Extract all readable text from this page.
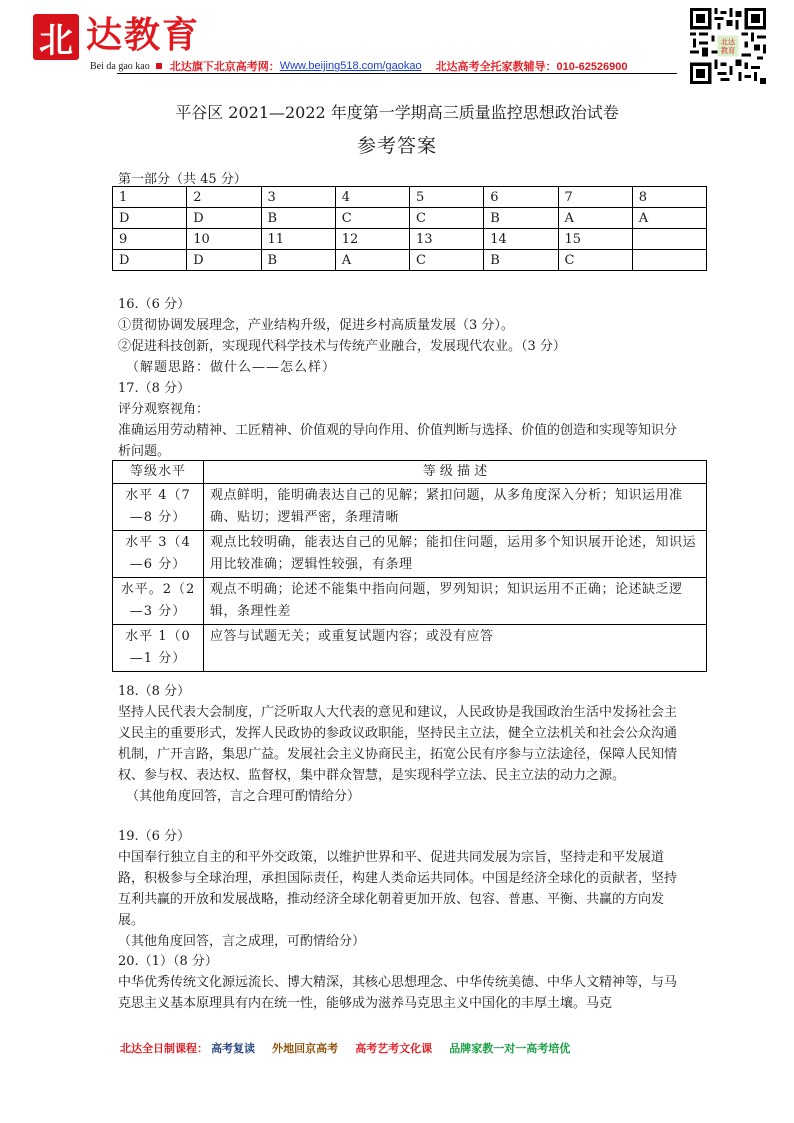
北 达教育
Bei da gao kao 北达旗下北京高考网： Www.beijing518.com/gaokao 北达高考全托家教辅导：010-62526900
北达
教育
平谷区 2021—2022 年度第一学期高三质量监控思想政治试卷
参考答案
第一部分（共 45 分）
1	2	3	4	5	6	7	8
D	D	B	C	C	B	A	A
9	10	11	12	13	14	15	
D	D	B	A	C	B	C	
16.（6 分）
①贯彻协调发展理念，产业结构升级，促进乡村高质量发展（3 分）。
②促进科技创新，实现现代科学技术与传统产业融合，发展现代农业。（3 分）
（解题思路：做什么——怎么样）
17.（8 分）
评分观察视角：
准确运用劳动精神、工匠精神、价值观的导向作用、价值判断与选择、价值的创造和实现等知识分析问题。
等级水平	等 级 描 述
水平 4（7—8 分）	观点鲜明，能明确表达自己的见解；紧扣问题，从多角度深入分析；知识运用准确、贴切；逻辑严密，条理清晰
水平 3（4—6 分）	观点比较明确，能表达自己的见解；能扣住问题，运用多个知识展开论述，知识运用比较准确；逻辑性较强，有条理
水平。2（2—3 分）	观点不明确；论述不能集中指向问题，罗列知识；知识运用不正确；论述缺乏逻辑，条理性差
水平 1（0—1 分）	应答与试题无关；或重复试题内容；或没有应答
18.（8 分）
坚持人民代表大会制度，广泛听取人大代表的意见和建议，人民政协是我国政治生活中发扬社会主义民主的重要形式，发挥人民政协的参政议政职能，坚持民主立法，健全立法机关和社会公众沟通机制，广开言路，集思广益。发展社会主义协商民主，拓宽公民有序参与立法途径，保障人民知情权、参与权、表达权、监督权，集中群众智慧，是实现科学立法、民主立法的动力之源。
（其他角度回答，言之合理可酌情给分）
19.（6 分）
中国奉行独立自主的和平外交政策，以维护世界和平、促进共同发展为宗旨，坚持走和平发展道路，积极参与全球治理，承担国际责任，构建人类命运共同体。中国是经济全球化的贡献者，坚持互利共赢的开放和发展战略，推动经济全球化朝着更加开放、包容、普惠、平衡、共赢的方向发展。
（其他角度回答，言之成理，可酌情给分）
20.（1）（8 分）
中华优秀传统文化源远流长、博大精深，其核心思想理念、中华传统美德、中华人文精神等，与马克思主义基本原理具有内在统一性，能够成为滋养马克思主义中国化的丰厚土壤。马克
北达全日制课程： 高考复读 外地回京高考 高考艺考文化课 品牌家教一对一高考培优
